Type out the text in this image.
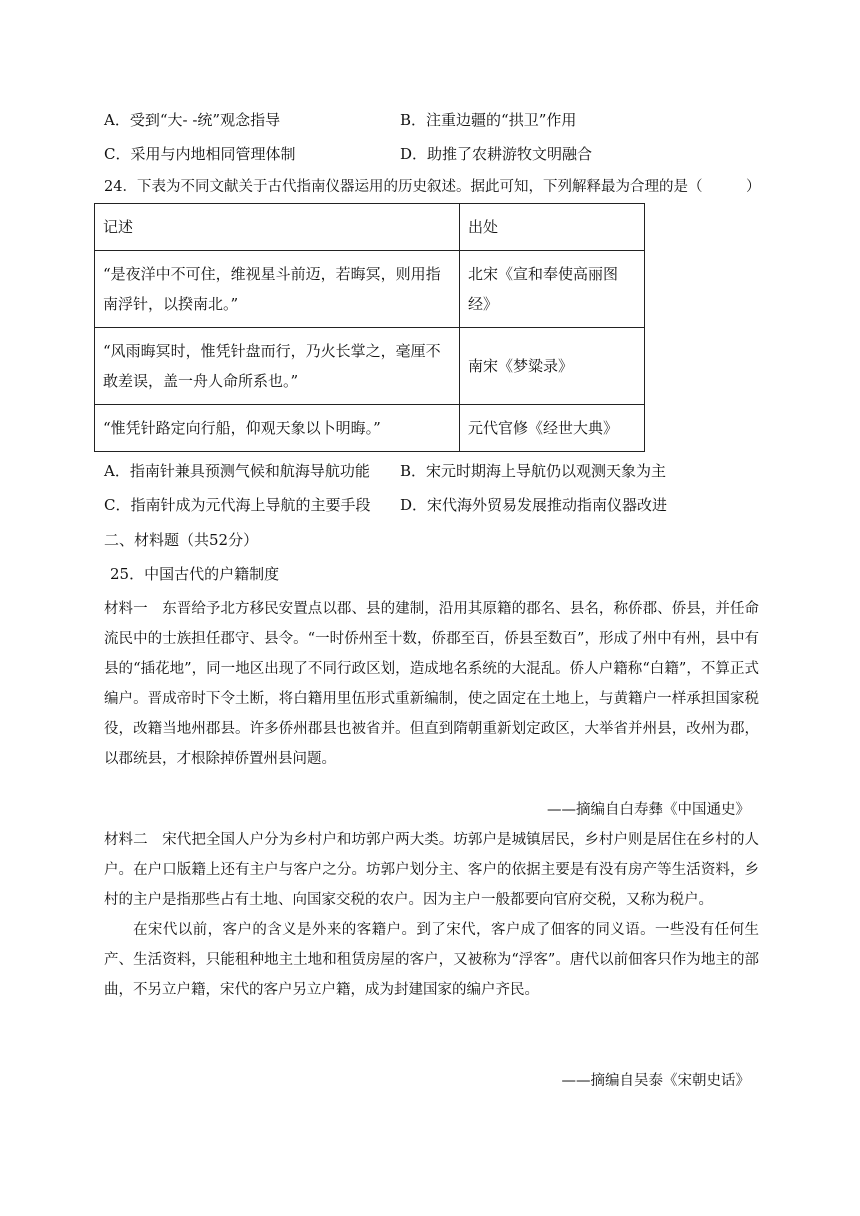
A．受到“大- -统”观念指导	B．注重边疆的“拱卫”作用
C．采用与内地相同管理体制	D．助推了农耕游牧文明融合
24．下表为不同文献关于古代指南仪器运用的历史叙述。据此可知，下列解释最为合理的是（　　　）
记述	出处
“是夜洋中不可住，维视星斗前迈，若晦冥，则用指南浮针，以揆南北。”	北宋《宣和奉使高丽图经》
“风雨晦冥时，惟凭针盘而行，乃火长掌之，毫厘不敢差误，盖一舟人命所系也。”	南宋《梦粱录》
“惟凭针路定向行船，仰观天象以卜明晦。”	元代官修《经世大典》
A．指南针兼具预测气候和航海导航功能 B．宋元时期海上导航仍以观测天象为主
C．指南针成为元代海上导航的主要手段 D．宋代海外贸易发展推动指南仪器改进
二、材料题（共52分）
25．中国古代的户籍制度

材料一　东晋给予北方移民安置点以郡、县的建制，沿用其原籍的郡名、县名，称侨郡、侨县，并任命流民中的士族担任郡守、县令。“一时侨州至十数，侨郡至百，侨县至数百”，形成了州中有州，县中有县的“插花地”，同一地区出现了不同行政区划，造成地名系统的大混乱。侨人户籍称“白籍”，不算正式编户。晋成帝时下令土断，将白籍用里伍形式重新编制，使之固定在土地上，与黄籍户一样承担国家税役，改籍当地州郡县。许多侨州郡县也被省并。但直到隋朝重新划定政区，大举省并州县，改州为郡，以郡统县，才根除掉侨置州县问题。

——摘编自白寿彝《中国通史》

材料二　宋代把全国人户分为乡村户和坊郭户两大类。坊郭户是城镇居民，乡村户则是居住在乡村的人户。在户口版籍上还有主户与客户之分。坊郭户划分主、客户的依据主要是有没有房产等生活资料，乡村的主户是指那些占有土地、向国家交税的农户。因为主户一般都要向官府交税，又称为税户。

在宋代以前，客户的含义是外来的客籍户。到了宋代，客户成了佃客的同义语。一些没有任何生产、生活资料，只能租种地主土地和租赁房屋的客户，又被称为“浮客”。唐代以前佃客只作为地主的部曲，不另立户籍，宋代的客户另立户籍，成为封建国家的编户齐民。

——摘编自吴泰《宋朝史话》
